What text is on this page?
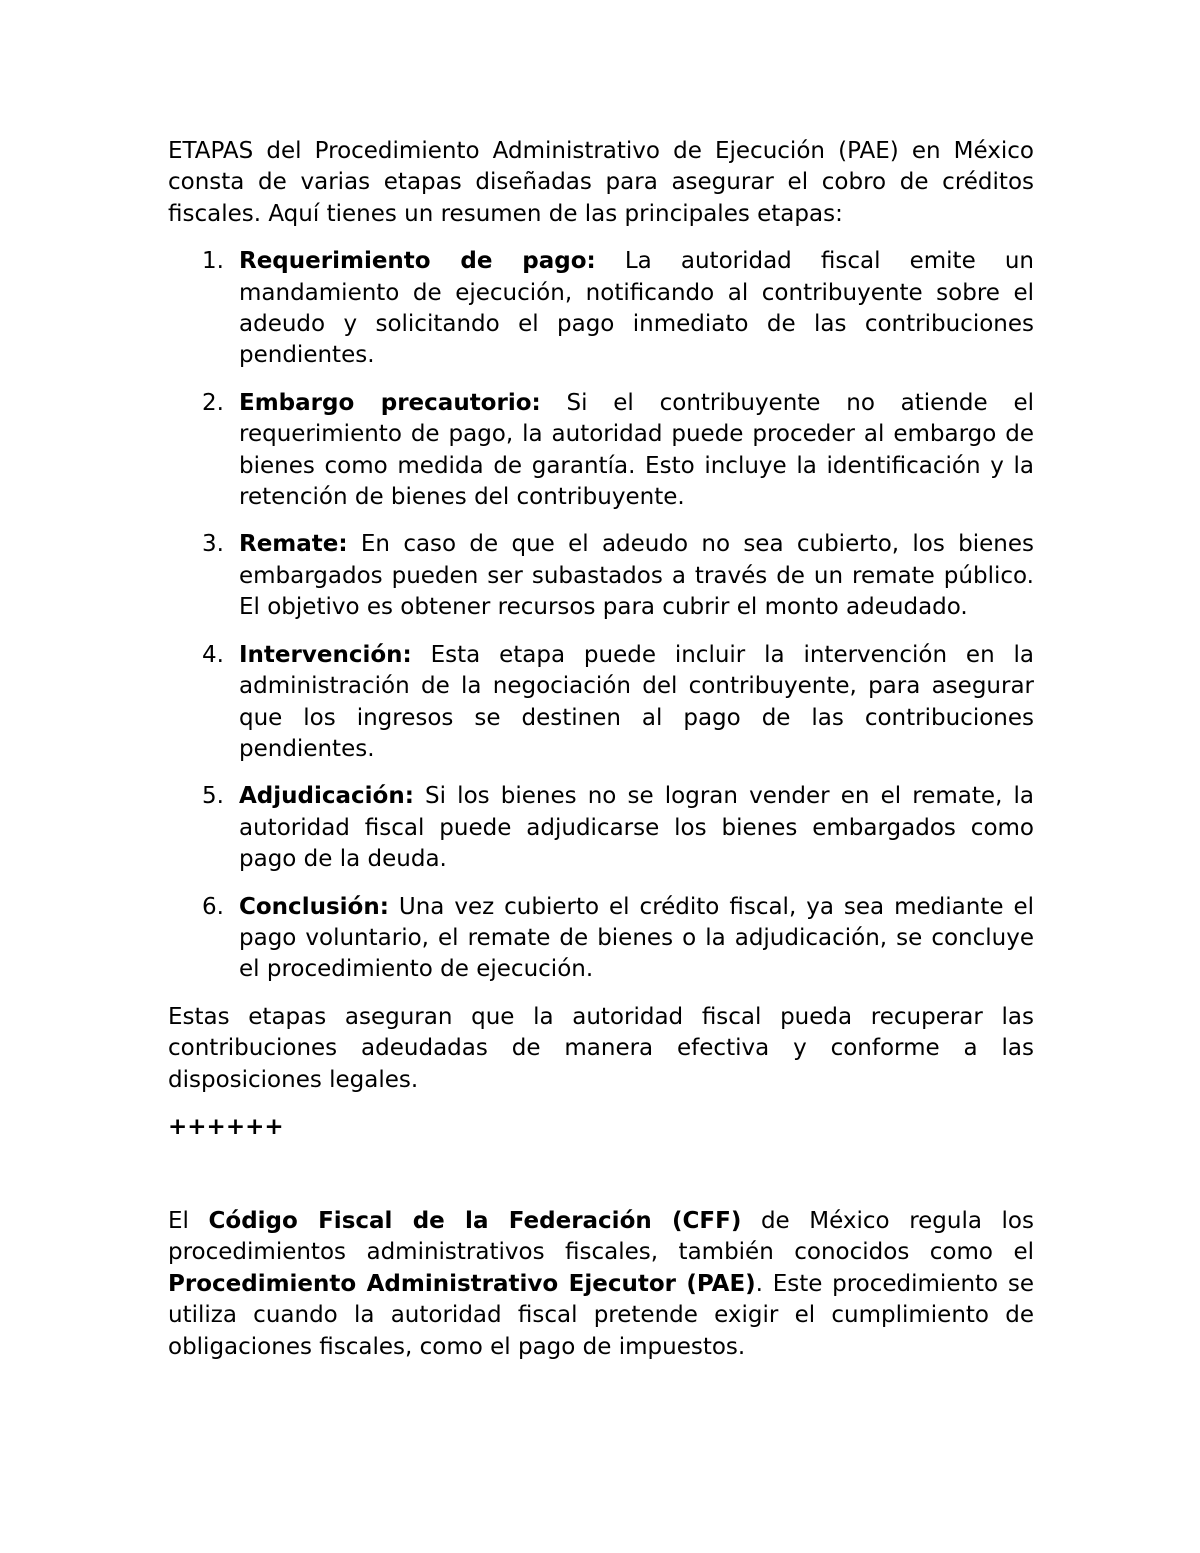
ETAPAS del Procedimiento Administrativo de Ejecución (PAE) en México consta de varias etapas diseñadas para asegurar el cobro de créditos fiscales. Aquí tienes un resumen de las principales etapas:

1. Requerimiento de pago: La autoridad fiscal emite un mandamiento de ejecución, notificando al contribuyente sobre el adeudo y solicitando el pago inmediato de las contribuciones pendientes.
2. Embargo precautorio: Si el contribuyente no atiende el requerimiento de pago, la autoridad puede proceder al embargo de bienes como medida de garantía. Esto incluye la identificación y la retención de bienes del contribuyente.
3. Remate: En caso de que el adeudo no sea cubierto, los bienes embargados pueden ser subastados a través de un remate público. El objetivo es obtener recursos para cubrir el monto adeudado.
4. Intervención: Esta etapa puede incluir la intervención en la administración de la negociación del contribuyente, para asegurar que los ingresos se destinen al pago de las contribuciones pendientes.
5. Adjudicación: Si los bienes no se logran vender en el remate, la autoridad fiscal puede adjudicarse los bienes embargados como pago de la deuda.
6. Conclusión: Una vez cubierto el crédito fiscal, ya sea mediante el pago voluntario, el remate de bienes o la adjudicación, se concluye el procedimiento de ejecución.

Estas etapas aseguran que la autoridad fiscal pueda recuperar las contribuciones adeudadas de manera efectiva y conforme a las disposiciones legales.

++++++

El Código Fiscal de la Federación (CFF) de México regula los procedimientos administrativos fiscales, también conocidos como el Procedimiento Administrativo Ejecutor (PAE). Este procedimiento se utiliza cuando la autoridad fiscal pretende exigir el cumplimiento de obligaciones fiscales, como el pago de impuestos.
